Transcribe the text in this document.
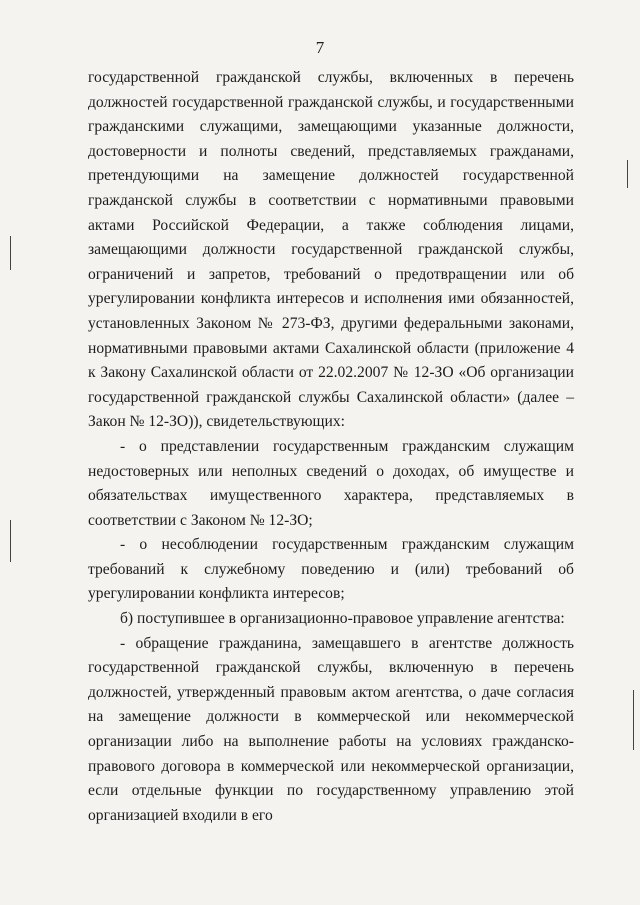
7

государственной гражданской службы, включенных в перечень должностей государственной гражданской службы, и государственными гражданскими служащими, замещающими указанные должности, достоверности и полноты сведений, представляемых гражданами, претендующими на замещение должностей государственной гражданской службы в соответствии с нормативными правовыми актами Российской Федерации, а также соблюдения лицами, замещающими должности государственной гражданской службы, ограничений и запретов, требований о предотвращении или об урегулировании конфликта интересов и исполнения ими обязанностей, установленных Законом № 273-ФЗ, другими федеральными законами, нормативными правовыми актами Сахалинской области (приложение 4 к Закону Сахалинской области от 22.02.2007 № 12-ЗО «Об организации государственной гражданской службы Сахалинской области» (далее – Закон № 12-ЗО)), свидетельствующих:

- о представлении государственным гражданским служащим недостоверных или неполных сведений о доходах, об имуществе и обязательствах имущественного характера, представляемых в соответствии с Законом № 12-ЗО;

- о несоблюдении государственным гражданским служащим требований к служебному поведению и (или) требований об урегулировании конфликта интересов;

б) поступившее в организационно-правовое управление агентства:

- обращение гражданина, замещавшего в агентстве должность государственной гражданской службы, включенную в перечень должностей, утвержденный правовым актом агентства, о даче согласия на замещение должности в коммерческой или некоммерческой организации либо на выполнение работы на условиях гражданско-правового договора в коммерческой или некоммерческой организации, если отдельные функции по государственному управлению этой организацией входили в его
